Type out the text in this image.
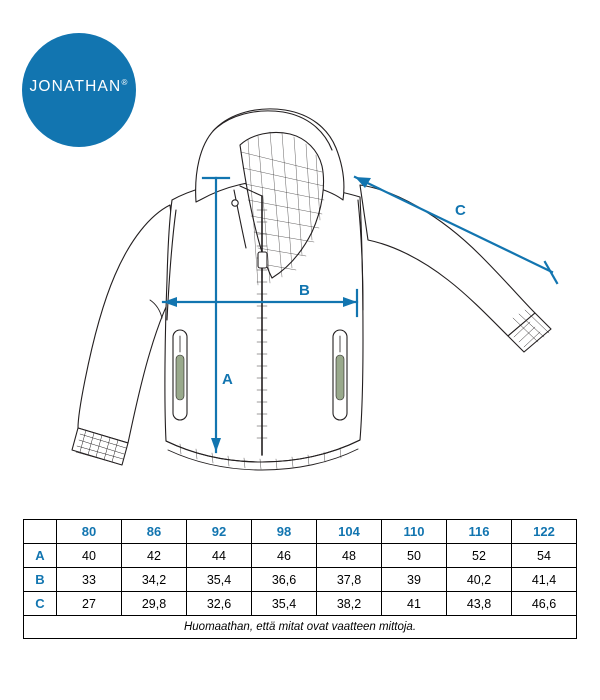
JONATHAN®
A
B
C
	80	86	92	98	104	110	116	122
A	40	42	44	46	48	50	52	54
B	33	34,2	35,4	36,6	37,8	39	40,2	41,4
C	27	29,8	32,6	35,4	38,2	41	43,8	46,6
Huomaathan, että mitat ovat vaatteen mittoja.								
